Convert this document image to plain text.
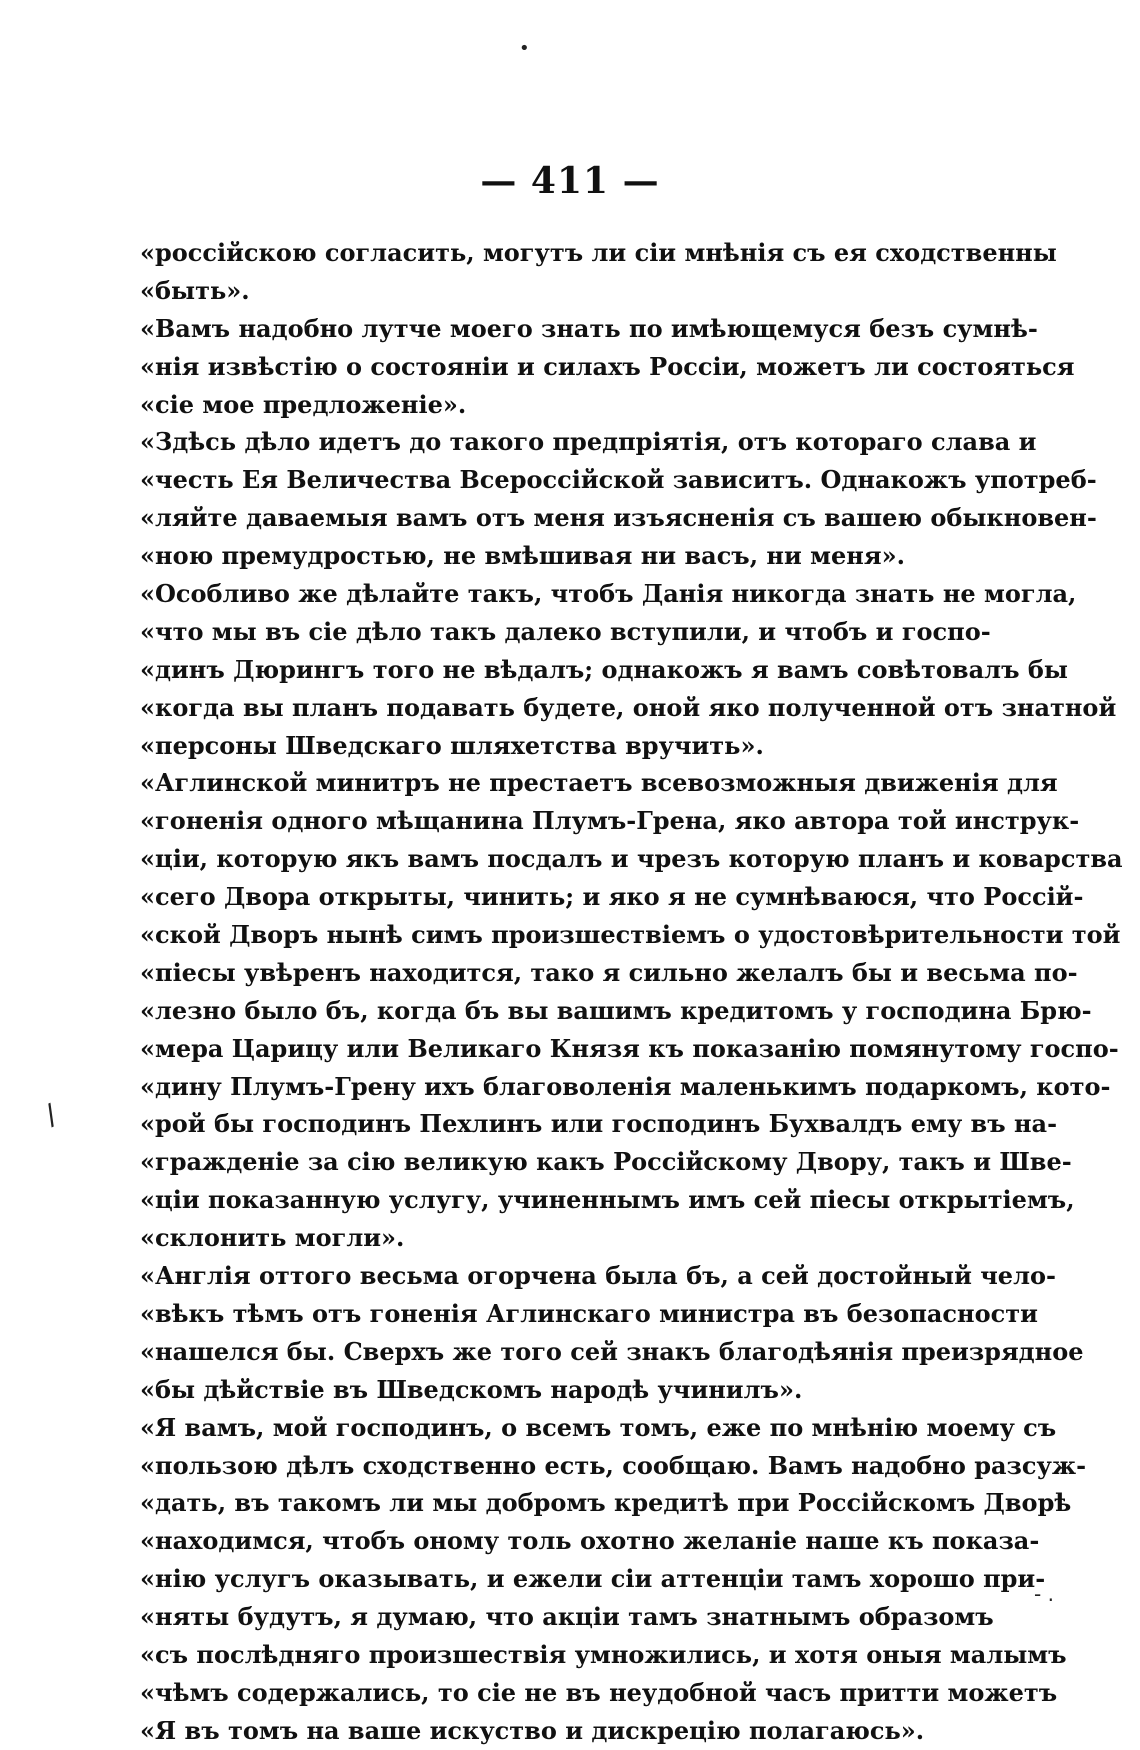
•
— 411 —
«россійскою согласить, могутъ ли сіи мнѣнія съ ея сходственны
«быть».
«Вамъ надобно лутче моего знать по имѣющемуся безъ сумнѣ-
«нія извѣстію о состояніи и силахъ Россіи, можетъ ли состояться
«сіе мое предложеніе».
«Здѣсь дѣло идетъ до такого предпріятія, отъ котораго слава и
«честь Ея Величества Всероссійской зависитъ. Однакожъ употреб-
«ляйте даваемыя вамъ отъ меня изъясненія съ вашею обыкновен-
«ною премудростью, не вмѣшивая ни васъ, ни меня».
«Особливо же дѣлайте такъ, чтобъ Данія никогда знать не могла,
«что мы въ сіе дѣло такъ далеко вступили, и чтобъ и госпо-
«динъ Дюрингъ того не вѣдалъ; однакожъ я вамъ совѣтовалъ бы
«когда вы планъ подавать будете, оной яко полученной отъ знатной
«персоны Шведскаго шляхетства вручить».
«Аглинской минитръ не престаетъ всевозможныя движенія для
«гоненія одного мѣщанина Плумъ-Грена, яко автора той инструк-
«ціи, которую якъ вамъ посдалъ и чрезъ которую планъ и коварства
«сего Двора открыты, чинить; и яко я не сумнѣваюся, что Россій-
«ской Дворъ нынѣ симъ произшествіемъ о удостовѣрительности той
«піесы увѣренъ находится, тако я сильно желалъ бы и весьма по-
«лезно было бъ, когда бъ вы вашимъ кредитомъ у господина Брю-
«мера Царицу или Великаго Князя къ показанію помянутому госпо-
«дину Плумъ-Грену ихъ благоволенія маленькимъ подаркомъ, кото-
«рой бы господинъ Пехлинъ или господинъ Бухвалдъ ему въ на-
«гражденіе за сію великую какъ Россійскому Двору, такъ и Шве-
«ціи показанную услугу, учиненнымъ имъ сей піесы открытіемъ,
«склонить могли».
«Англія оттого весьма огорчена была бъ, а сей достойный чело-
«вѣкъ тѣмъ отъ гоненія Аглинскаго министра въ безопасности
«нашелся бы. Сверхъ же того сей знакъ благодѣянія преизрядное
«бы дѣйствіе въ Шведскомъ народѣ учинилъ».
«Я вамъ, мой господинъ, о всемъ томъ, еже по мнѣнію моему съ
«пользою дѣлъ сходственно есть, сообщаю. Вамъ надобно разсуж-
«дать, въ такомъ ли мы добромъ кредитѣ при Россійскомъ Дворѣ
«находимся, чтобъ оному толь охотно желаніе наше къ показа-
«нію услугъ оказывать, и ежели сіи аттенціи тамъ хорошо при-
«няты будутъ, я думаю, что акціи тамъ знатнымъ образомъ
«съ послѣдняго произшествія умножились, и хотя оныя малымъ
«чѣмъ содержались, то сіе не въ неудобной часъ притти можетъ
«Я въ томъ на ваше искуство и дискрецію полагаюсь».
/
- .
